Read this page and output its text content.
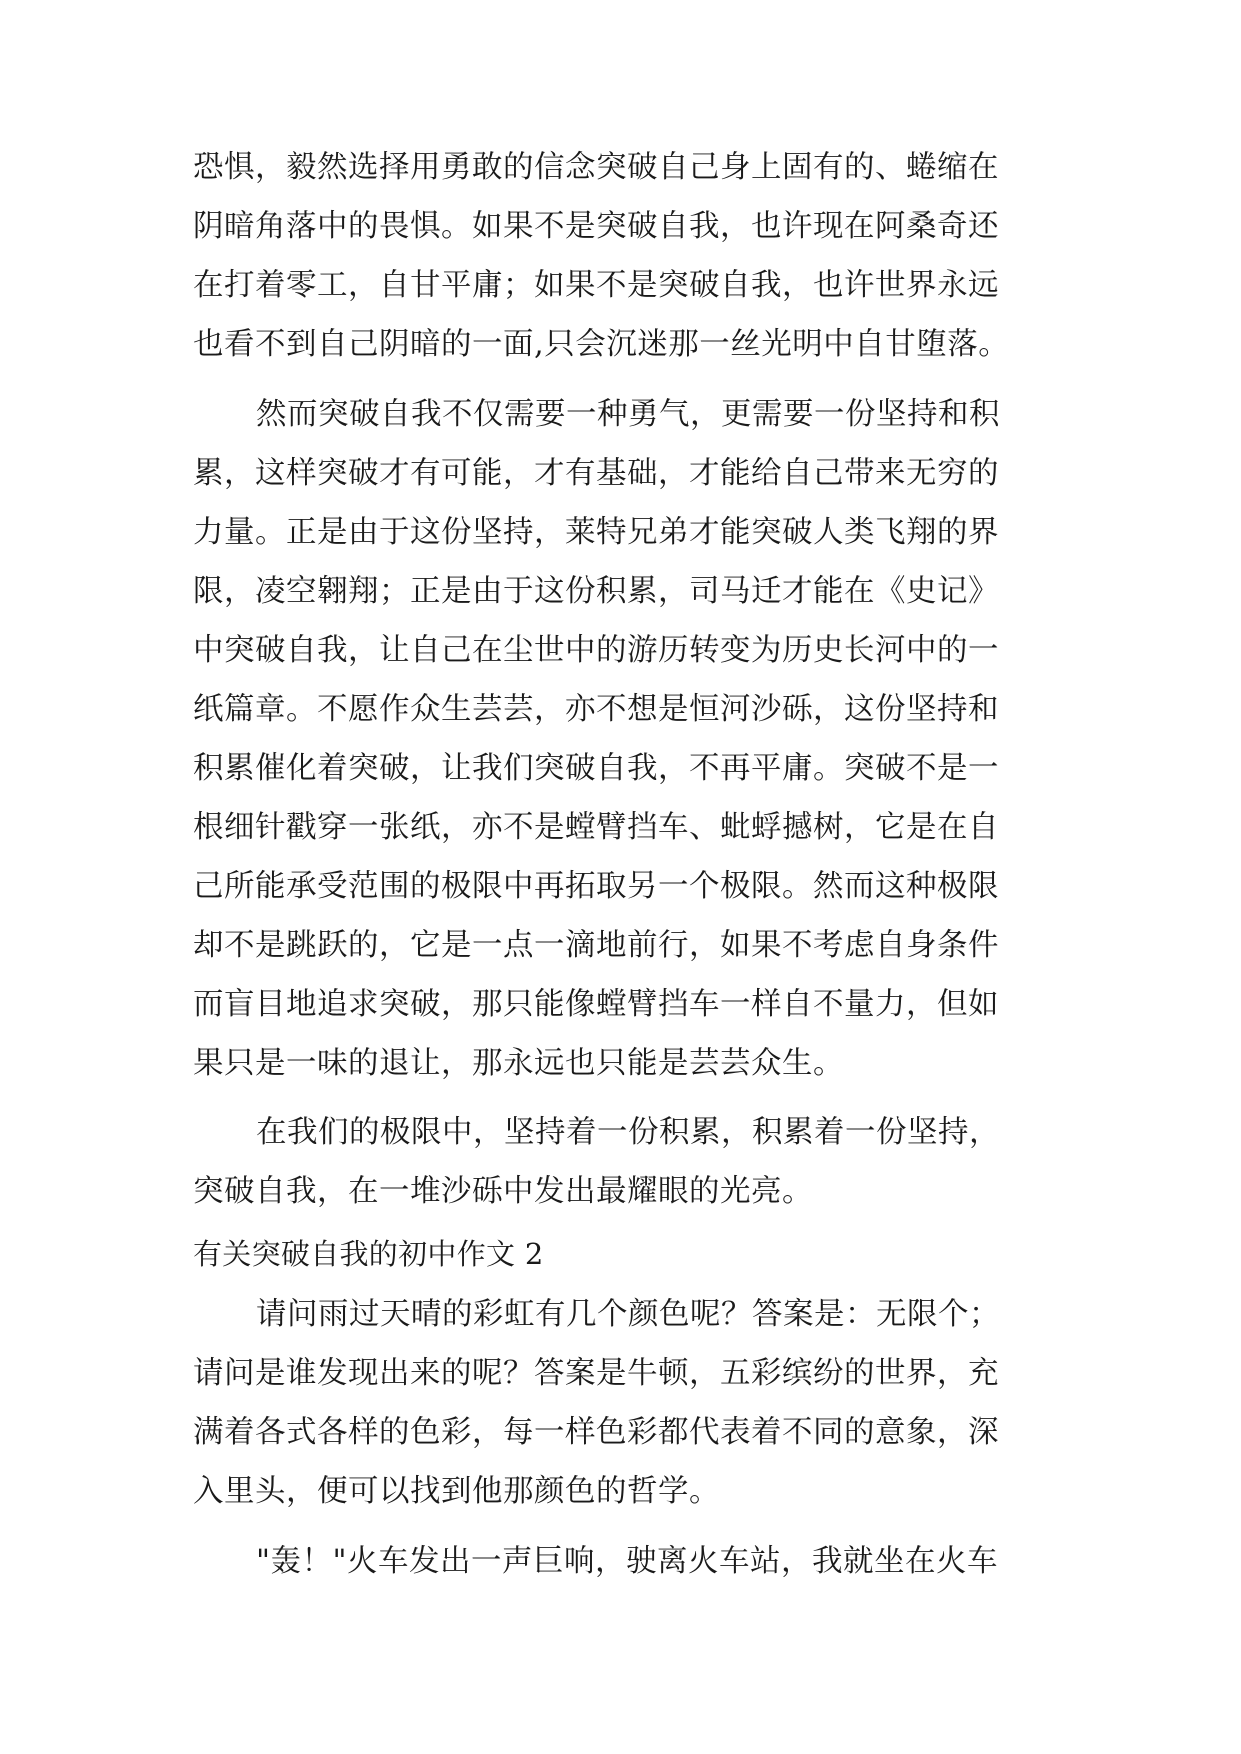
恐惧，毅然选择用勇敢的信念突破自己身上固有的、蜷缩在
阴暗角落中的畏惧。如果不是突破自我，也许现在阿桑奇还
在打着零工，自甘平庸；如果不是突破自我，也许世界永远
也看不到自己阴暗的一面,只会沉迷那一丝光明中自甘堕落。
然而突破自我不仅需要一种勇气，更需要一份坚持和积
累，这样突破才有可能，才有基础，才能给自己带来无穷的
力量。正是由于这份坚持，莱特兄弟才能突破人类飞翔的界
限，凌空翱翔；正是由于这份积累，司马迁才能在《史记》
中突破自我，让自己在尘世中的游历转变为历史长河中的一
纸篇章。不愿作众生芸芸，亦不想是恒河沙砾，这份坚持和
积累催化着突破，让我们突破自我，不再平庸。突破不是一
根细针戳穿一张纸，亦不是螳臂挡车、蚍蜉撼树，它是在自
己所能承受范围的极限中再拓取另一个极限。然而这种极限
却不是跳跃的，它是一点一滴地前行，如果不考虑自身条件
而盲目地追求突破，那只能像螳臂挡车一样自不量力，但如
果只是一味的退让，那永远也只能是芸芸众生。
在我们的极限中，坚持着一份积累，积累着一份坚持，
突破自我，在一堆沙砾中发出最耀眼的光亮。
有关突破自我的初中作文 2
请问雨过天晴的彩虹有几个颜色呢？答案是：无限个；
请问是谁发现出来的呢？答案是牛顿，五彩缤纷的世界，充
满着各式各样的色彩，每一样色彩都代表着不同的意象，深
入里头，便可以找到他那颜色的哲学。
"轰！"火车发出一声巨响，驶离火车站，我就坐在火车
